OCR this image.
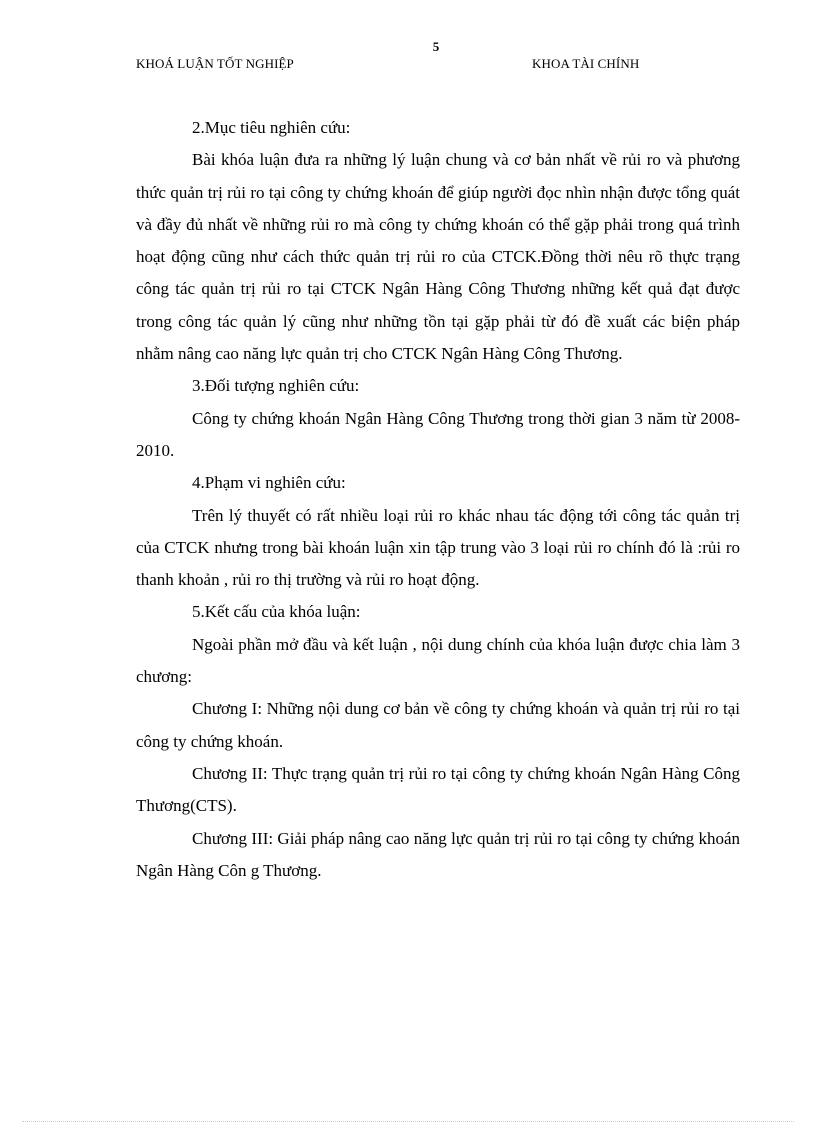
5
KHOÁ LUẬN TỐT NGHIỆP	KHOA TÀI CHÍNH

2.Mục tiêu nghiên cứu:

Bài khóa luận đưa ra những lý luận chung và cơ bản nhất về rủi ro và phương thức quản trị rủi ro tại công ty chứng khoán để giúp người đọc nhìn nhận được tổng quát và đầy đủ nhất về những rủi ro mà công ty chứng khoán có thể gặp phải trong quá trình hoạt động cũng như cách thức quản trị rủi ro của CTCK.Đồng thời nêu rõ thực trạng công tác quản trị rủi ro tại CTCK Ngân Hàng Công Thương những kết quả đạt được trong công tác quản lý cũng như những tồn tại gặp phải từ đó đề xuất các biện pháp nhằm nâng cao năng lực quản trị cho CTCK Ngân Hàng Công Thương.

3.Đối tượng nghiên cứu:

Công ty chứng khoán Ngân Hàng Công Thương trong thời gian 3 năm từ 2008-2010.

4.Phạm vi nghiên cứu:

Trên lý thuyết có rất nhiều loại rủi ro khác nhau tác động tới công tác quản trị của CTCK nhưng trong bài khoán luận xin tập trung vào 3 loại rủi ro chính đó là :rủi ro thanh khoản , rủi ro thị trường và rủi ro hoạt động.

5.Kết cấu của khóa luận:

Ngoài phần mở đầu và kết luận , nội dung chính của khóa luận được chia làm 3 chương:

Chương I: Những nội dung cơ bản về công ty chứng khoán và quản trị rủi ro tại công ty chứng khoán.

Chương II: Thực trạng quản trị rủi ro tại công ty chứng khoán Ngân Hàng Công Thương(CTS).

Chương III: Giải pháp nâng cao năng lực quản trị rủi ro tại công ty chứng khoán Ngân Hàng Côn g Thương.
